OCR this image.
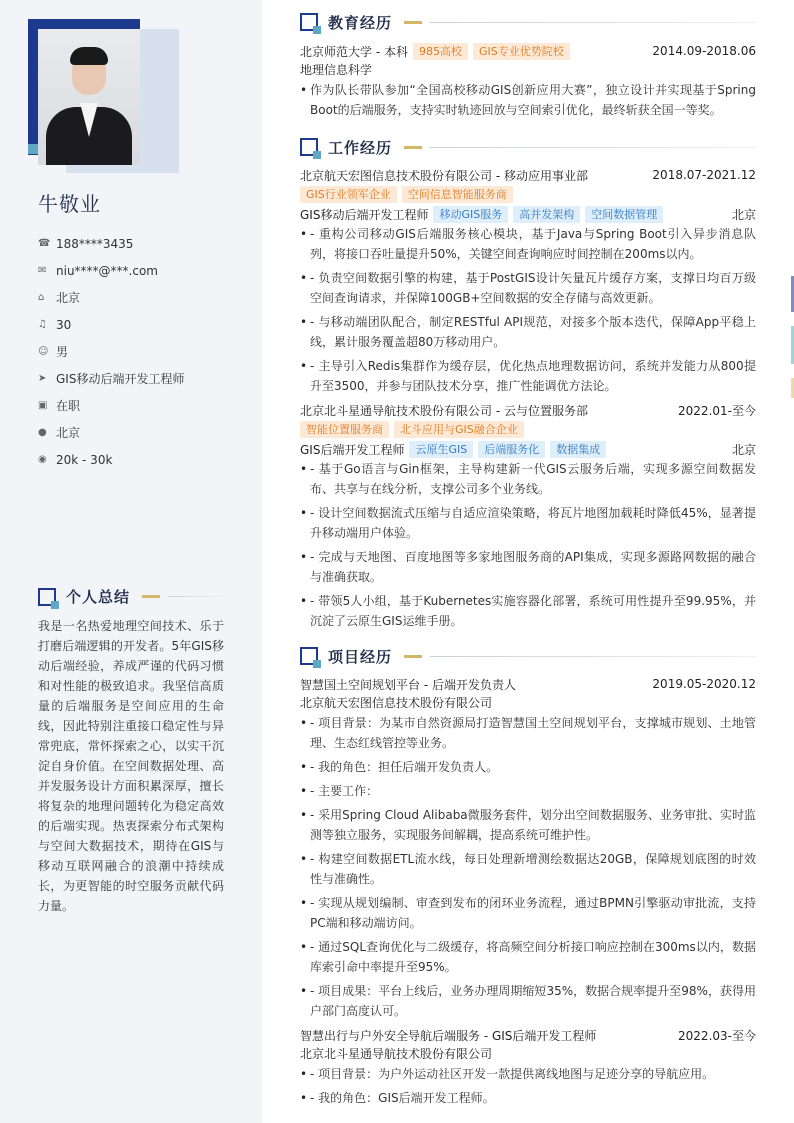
牛敬业
☎ 188****3435
✉ niu****@***.com
⌂ 北京
♫ 30
☺ 男
➤ GIS移动后端开发工程师
▣ 在职
● 北京
◉ 20k - 30k
个人总结
我是一名热爱地理空间技术、乐于打磨后端逻辑的开发者。5年GIS移动后端经验，养成严谨的代码习惯和对性能的极致追求。我坚信高质量的后端服务是空间应用的生命线，因此特别注重接口稳定性与异常兜底，常怀探索之心，以实干沉淀自身价值。在空间数据处理、高并发服务设计方面积累深厚，擅长将复杂的地理问题转化为稳定高效的后端实现。热衷探索分布式架构与空间大数据技术，期待在GIS与移动互联网融合的浪潮中持续成长，为更智能的时空服务贡献代码力量。
教育经历
北京师范大学 - 本科	985高校	GIS专业优势院校	2014.09-2018.06
地理信息科学
• 作为队长带队参加“全国高校移动GIS创新应用大赛”，独立设计并实现基于Spring Boot的后端服务，支持实时轨迹回放与空间索引优化，最终斩获全国一等奖。
工作经历
北京航天宏图信息技术股份有限公司 - 移动应用事业部	2018.07-2021.12
GIS行业领军企业	空间信息智能服务商
GIS移动后端开发工程师	移动GIS服务	高并发架构	空间数据管理	北京
• - 重构公司移动GIS后端服务核心模块，基于Java与Spring Boot引入异步消息队列，将接口吞吐量提升50%，关键空间查询响应时间控制在200ms以内。
• - 负责空间数据引擎的构建，基于PostGIS设计矢量瓦片缓存方案，支撑日均百万级空间查询请求，并保障100GB+空间数据的安全存储与高效更新。
• - 与移动端团队配合，制定RESTful API规范，对接多个版本迭代，保障App平稳上线，累计服务覆盖超80万移动用户。
• - 主导引入Redis集群作为缓存层，优化热点地理数据访问，系统并发能力从800提升至3500，并参与团队技术分享，推广性能调优方法论。
北京北斗星通导航技术股份有限公司 - 云与位置服务部	2022.01-至今
智能位置服务商	北斗应用与GIS融合企业
GIS后端开发工程师	云原生GIS	后端服务化	数据集成	北京
• - 基于Go语言与Gin框架，主导构建新一代GIS云服务后端，实现多源空间数据发布、共享与在线分析，支撑公司多个业务线。
• - 设计空间数据流式压缩与自适应渲染策略，将瓦片地图加载耗时降低45%，显著提升移动端用户体验。
• - 完成与天地图、百度地图等多家地图服务商的API集成，实现多源路网数据的融合与准确获取。
• - 带领5人小组，基于Kubernetes实施容器化部署，系统可用性提升至99.95%，并沉淀了云原生GIS运维手册。
项目经历
智慧国土空间规划平台 - 后端开发负责人	2019.05-2020.12
北京航天宏图信息技术股份有限公司
• - 项目背景：为某市自然资源局打造智慧国土空间规划平台，支撑城市规划、土地管理、生态红线管控等业务。
• - 我的角色：担任后端开发负责人。
• - 主要工作：
• - 采用Spring Cloud Alibaba微服务套件，划分出空间数据服务、业务审批、实时监测等独立服务，实现服务间解耦，提高系统可维护性。
• - 构建空间数据ETL流水线，每日处理新增测绘数据达20GB，保障规划底图的时效性与准确性。
• - 实现从规划编制、审查到发布的闭环业务流程，通过BPMN引擎驱动审批流，支持PC端和移动端访问。
• - 通过SQL查询优化与二级缓存，将高频空间分析接口响应控制在300ms以内，数据库索引命中率提升至95%。
• - 项目成果：平台上线后，业务办理周期缩短35%，数据合规率提升至98%，获得用户部门高度认可。
智慧出行与户外安全导航后端服务 - GIS后端开发工程师	2022.03-至今
北京北斗星通导航技术股份有限公司
• - 项目背景：为户外运动社区开发一款提供离线地图与足迹分享的导航应用。
• - 我的角色：GIS后端开发工程师。
